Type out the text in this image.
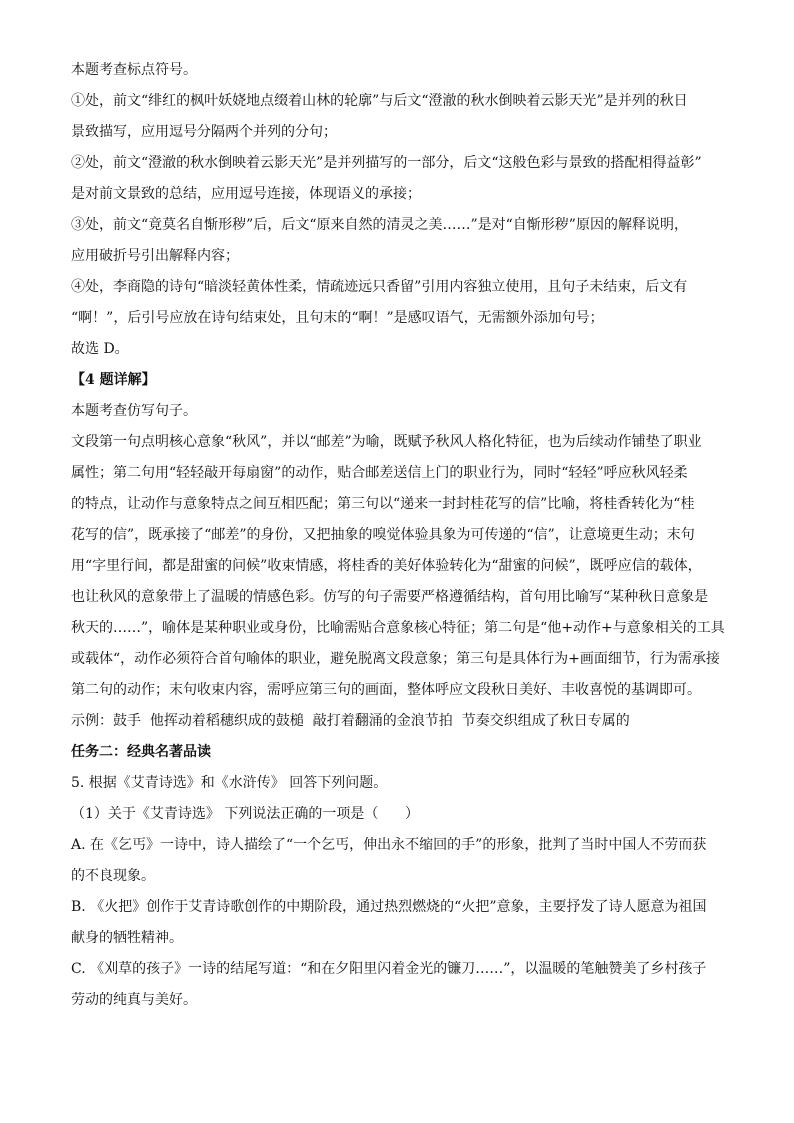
本题考查标点符号。
①处，前文“绯红的枫叶妖娆地点缀着山林的轮廓”与后文“澄澈的秋水倒映着云影天光”是并列的秋日
景致描写，应用逗号分隔两个并列的分句；
②处，前文“澄澈的秋水倒映着云影天光”是并列描写的一部分，后文“这般色彩与景致的搭配相得益彰”
是对前文景致的总结，应用逗号连接，体现语义的承接；
③处，前文“竟莫名自惭形秽”后，后文“原来自然的清灵之美……”是对“自惭形秽”原因的解释说明，
应用破折号引出解释内容；
④处，李商隐的诗句“暗淡轻黄体性柔，情疏迹远只香留”引用内容独立使用，且句子未结束，后文有
“啊！”，后引号应放在诗句结束处，且句末的“啊！”是感叹语气，无需额外添加句号；
故选 D。
【4 题详解】
本题考查仿写句子。
文段第一句点明核心意象“秋风”，并以“邮差”为喻，既赋予秋风人格化特征，也为后续动作铺垫了职业
属性；第二句用“轻轻敲开每扇窗”的动作，贴合邮差送信上门的职业行为，同时“轻轻”呼应秋风轻柔
的特点，让动作与意象特点之间互相匹配；第三句以“递来一封封桂花写的信”比喻，将桂香转化为“桂
花写的信”，既承接了“邮差”的身份，又把抽象的嗅觉体验具象为可传递的“信”，让意境更生动；末句
用“字里行间，都是甜蜜的问候”收束情感，将桂香的美好体验转化为“甜蜜的问候”，既呼应信的载体，
也让秋风的意象带上了温暖的情感色彩。仿写的句子需要严格遵循结构，首句用比喻写“某种秋日意象是
秋天的……”，喻体是某种职业或身份，比喻需贴合意象核心特征；第二句是“他+动作+与意象相关的工具
或载体“，动作必须符合首句喻体的职业，避免脱离文段意象；第三句是具体行为+画面细节，行为需承接
第二句的动作；末句收束内容，需呼应第三句的画面，整体呼应文段秋日美好、丰收喜悦的基调即可。
示例：鼓手  他挥动着稻穗织成的鼓槌  敲打着翻涌的金浪节拍  节奏交织组成了秋日专属的
任务二：经典名著品读
5. 根据《艾青诗选》和《水浒传》 回答下列问题。
（1）关于《艾青诗选》 下列说法正确的一项是（      ）
A. 在《乞丐》一诗中，诗人描绘了“一个乞丐，伸出永不缩回的手”的形象，批判了当时中国人不劳而获
的不良现象。
B. 《火把》创作于艾青诗歌创作的中期阶段，通过热烈燃烧的“火把”意象，主要抒发了诗人愿意为祖国
献身的牺牲精神。
C. 《刈草的孩子》一诗的结尾写道：“和在夕阳里闪着金光的镰刀……”，以温暖的笔触赞美了乡村孩子
劳动的纯真与美好。
